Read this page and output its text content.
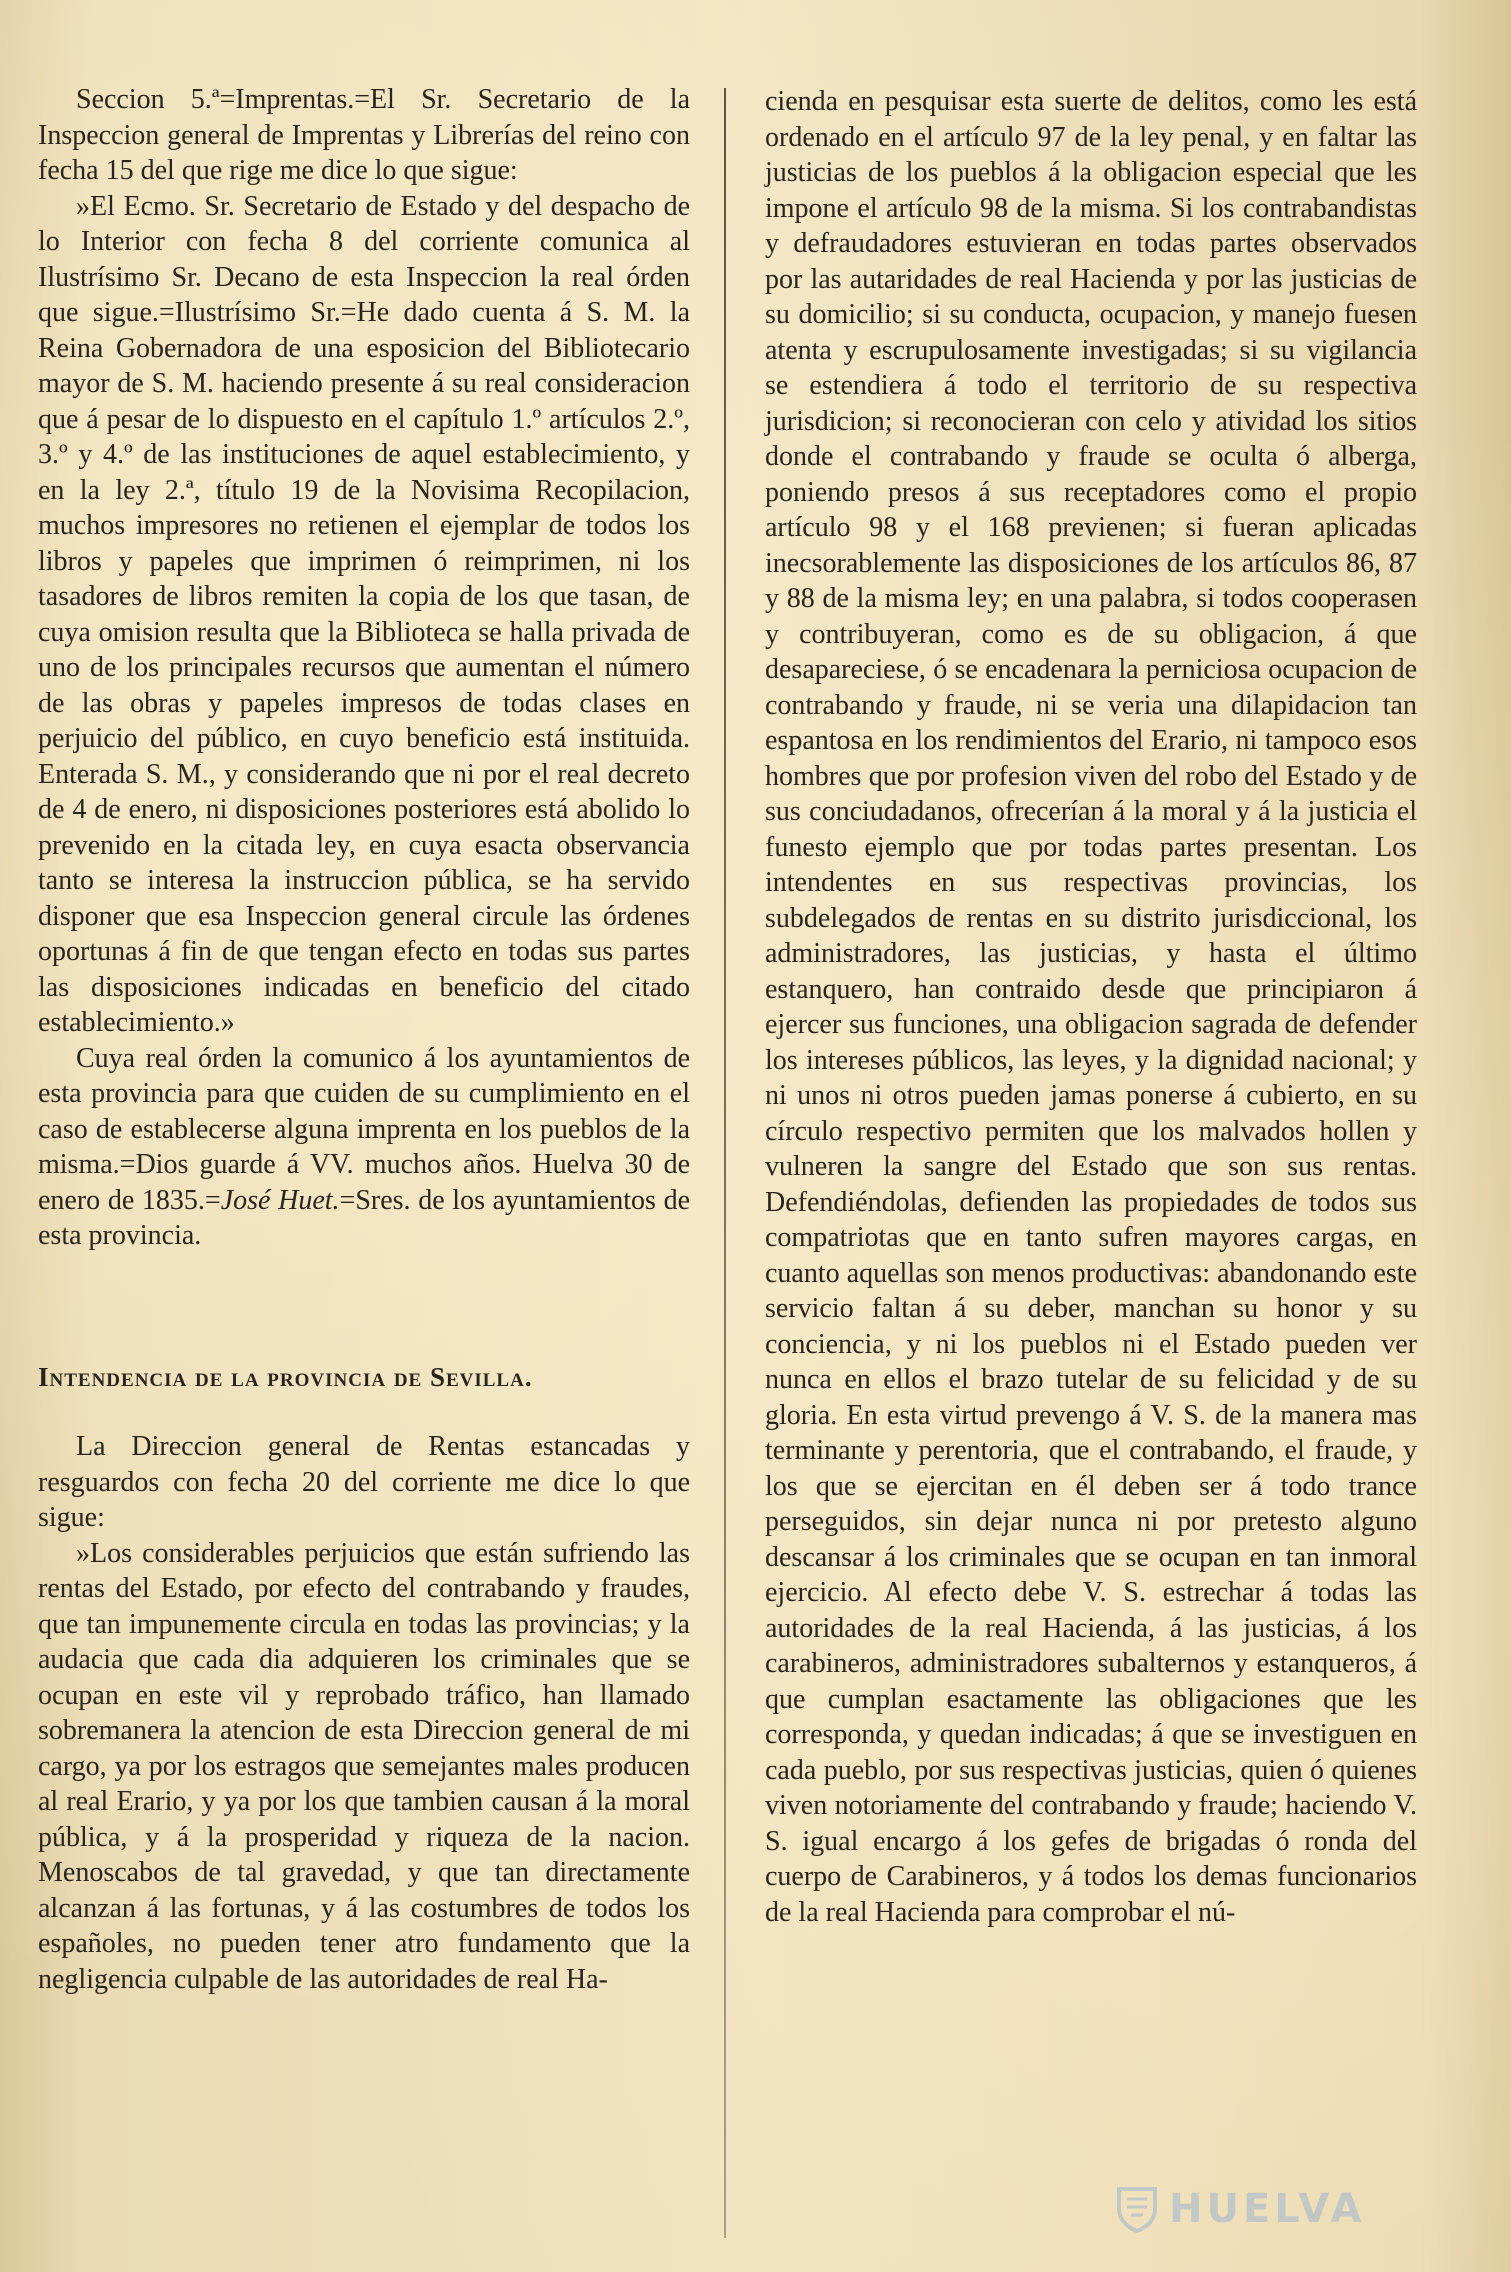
Seccion 5.ª=Imprentas.=El Sr. Secretario de la Inspeccion general de Imprentas y Librerías del reino con fecha 15 del que rige me dice lo que sigue:

»El Ecmo. Sr. Secretario de Estado y del despacho de lo Interior con fecha 8 del corriente comunica al Ilustrísimo Sr. Decano de esta Inspeccion la real órden que sigue.=Ilustrísimo Sr.=He dado cuenta á S. M. la Reina Gobernadora de una esposicion del Bibliotecario mayor de S. M. haciendo presente á su real consideracion que á pesar de lo dispuesto en el capítulo 1.º artículos 2.º, 3.º y 4.º de las instituciones de aquel establecimiento, y en la ley 2.ª, título 19 de la Novisima Recopilacion, muchos impresores no retienen el ejemplar de todos los libros y papeles que imprimen ó reimprimen, ni los tasadores de libros remiten la copia de los que tasan, de cuya omision resulta que la Biblioteca se halla privada de uno de los principales recursos que aumentan el número de las obras y papeles impresos de todas clases en perjuicio del público, en cuyo beneficio está instituida. Enterada S. M., y considerando que ni por el real decreto de 4 de enero, ni disposiciones posteriores está abolido lo prevenido en la citada ley, en cuya esacta observancia tanto se interesa la instruccion pública, se ha servido disponer que esa Inspeccion general circule las órdenes oportunas á fin de que tengan efecto en todas sus partes las disposiciones indicadas en beneficio del citado establecimiento.»

Cuya real órden la comunico á los ayuntamientos de esta provincia para que cuiden de su cumplimiento en el caso de establecerse alguna imprenta en los pueblos de la misma.=Dios guarde á VV. muchos años. Huelva 30 de enero de 1835.=José Huet.=Sres. de los ayuntamientos de esta provincia.

Intendencia de la provincia de Sevilla.

La Direccion general de Rentas estancadas y resguardos con fecha 20 del corriente me dice lo que sigue:

»Los considerables perjuicios que están sufriendo las rentas del Estado, por efecto del contrabando y fraudes, que tan impunemente circula en todas las provincias; y la audacia que cada dia adquieren los criminales que se ocupan en este vil y reprobado tráfico, han llamado sobremanera la atencion de esta Direccion general de mi cargo, ya por los estragos que semejantes males producen al real Erario, y ya por los que tambien causan á la moral pública, y á la prosperidad y riqueza de la nacion. Menoscabos de tal gravedad, y que tan directamente alcanzan á las fortunas, y á las costumbres de todos los españoles, no pueden tener atro fundamento que la negligencia culpable de las autoridades de real Ha-

cienda en pesquisar esta suerte de delitos, como les está ordenado en el artículo 97 de la ley penal, y en faltar las justicias de los pueblos á la obligacion especial que les impone el artículo 98 de la misma. Si los contrabandistas y defraudadores estuvieran en todas partes observados por las autaridades de real Hacienda y por las justicias de su domicilio; si su conducta, ocupacion, y manejo fuesen atenta y escrupulosamente investigadas; si su vigilancia se estendiera á todo el territorio de su respectiva jurisdicion; si reconocieran con celo y atividad los sitios donde el contrabando y fraude se oculta ó alberga, poniendo presos á sus receptadores como el propio artículo 98 y el 168 previenen; si fueran aplicadas inecsorablemente las disposiciones de los artículos 86, 87 y 88 de la misma ley; en una palabra, si todos cooperasen y contribuyeran, como es de su obligacion, á que desapareciese, ó se encadenara la perniciosa ocupacion de contrabando y fraude, ni se veria una dilapidacion tan espantosa en los rendimientos del Erario, ni tampoco esos hombres que por profesion viven del robo del Estado y de sus conciudadanos, ofrecerían á la moral y á la justicia el funesto ejemplo que por todas partes presentan. Los intendentes en sus respectivas provincias, los subdelegados de rentas en su distrito jurisdiccional, los administradores, las justicias, y hasta el último estanquero, han contraido desde que principiaron á ejercer sus funciones, una obligacion sagrada de defender los intereses públicos, las leyes, y la dignidad nacional; y ni unos ni otros pueden jamas ponerse á cubierto, en su círculo respectivo permiten que los malvados hollen y vulneren la sangre del Estado que son sus rentas. Defendiéndolas, defienden las propiedades de todos sus compatriotas que en tanto sufren mayores cargas, en cuanto aquellas son menos productivas: abandonando este servicio faltan á su deber, manchan su honor y su conciencia, y ni los pueblos ni el Estado pueden ver nunca en ellos el brazo tutelar de su felicidad y de su gloria. En esta virtud prevengo á V. S. de la manera mas terminante y perentoria, que el contrabando, el fraude, y los que se ejercitan en él deben ser á todo trance perseguidos, sin dejar nunca ni por pretesto alguno descansar á los criminales que se ocupan en tan inmoral ejercicio. Al efecto debe V. S. estrechar á todas las autoridades de la real Hacienda, á las justicias, á los carabineros, administradores subalternos y estanqueros, á que cumplan esactamente las obligaciones que les corresponda, y quedan indicadas; á que se investiguen en cada pueblo, por sus respectivas justicias, quien ó quienes viven notoriamente del contrabando y fraude; haciendo V. S. igual encargo á los gefes de brigadas ó ronda del cuerpo de Carabineros, y á todos los demas funcionarios de la real Hacienda para comprobar el nú-

HUELVA
